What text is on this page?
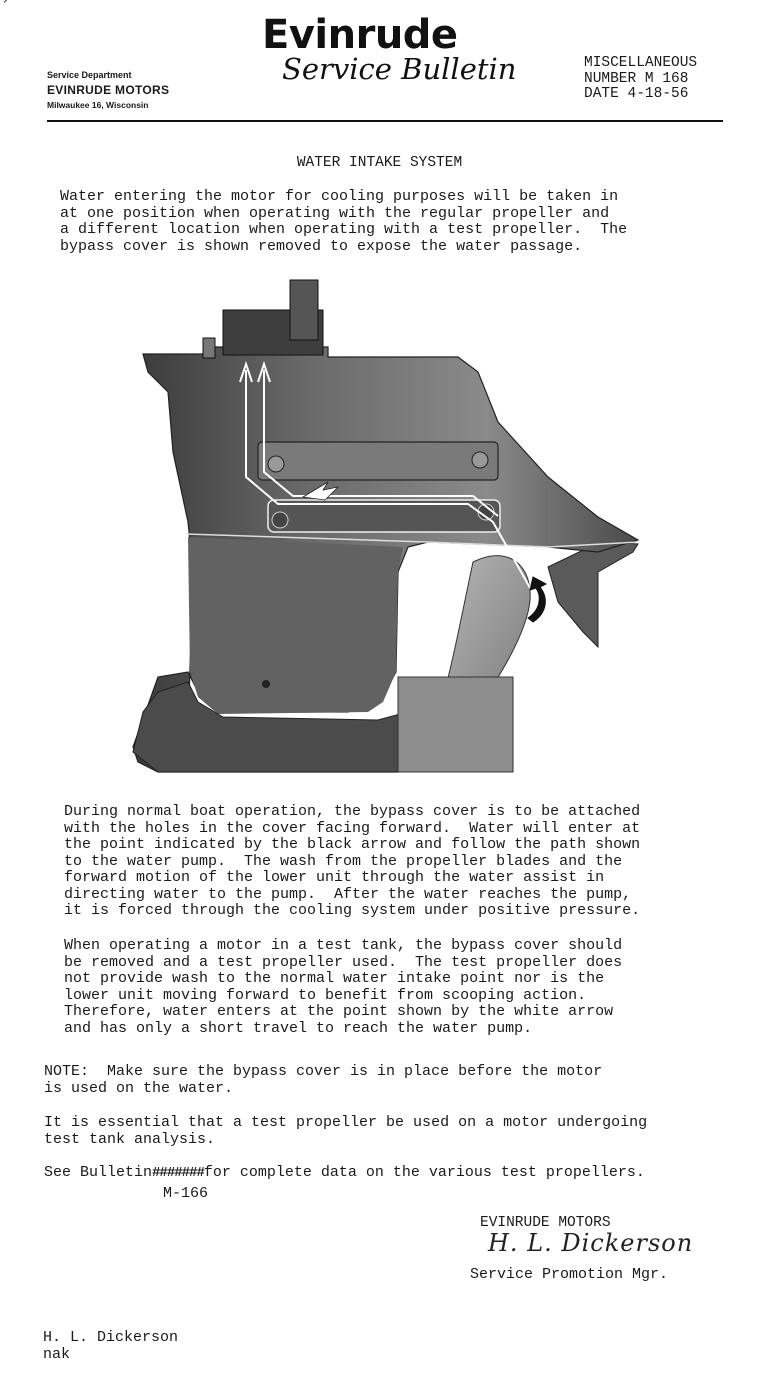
Service Department
EVINRUDE MOTORS
Milwaukee 16, Wisconsin
Evinrude
Service Bulletin	MISCELLANEOUS
NUMBER M 168
DATE 4-18-56
WATER INTAKE SYSTEM
Water entering the motor for cooling purposes will be taken in
at one position when operating with the regular propeller and
a different location when operating with a test propeller.  The
bypass cover is shown removed to expose the water passage.
During normal boat operation, the bypass cover is to be attached
with the holes in the cover facing forward.  Water will enter at
the point indicated by the black arrow and follow the path shown
to the water pump.  The wash from the propeller blades and the
forward motion of the lower unit through the water assist in
directing water to the pump.  After the water reaches the pump,
it is forced through the cooling system under positive pressure.
When operating a motor in a test tank, the bypass cover should
be removed and a test propeller used.  The test propeller does
not provide wash to the normal water intake point nor is the
lower unit moving forward to benefit from scooping action.
Therefore, water enters at the point shown by the white arrow
and has only a short travel to reach the water pump.
NOTE:  Make sure the bypass cover is in place before the motor
is used on the water.
It is essential that a test propeller be used on a motor undergoing
test tank analysis.
See Bulletin#######for complete data on the various test propellers.
M-166
EVINRUDE MOTORS
H. L. Dickerson
Service Promotion Mgr.
H. L. Dickerson
nak
